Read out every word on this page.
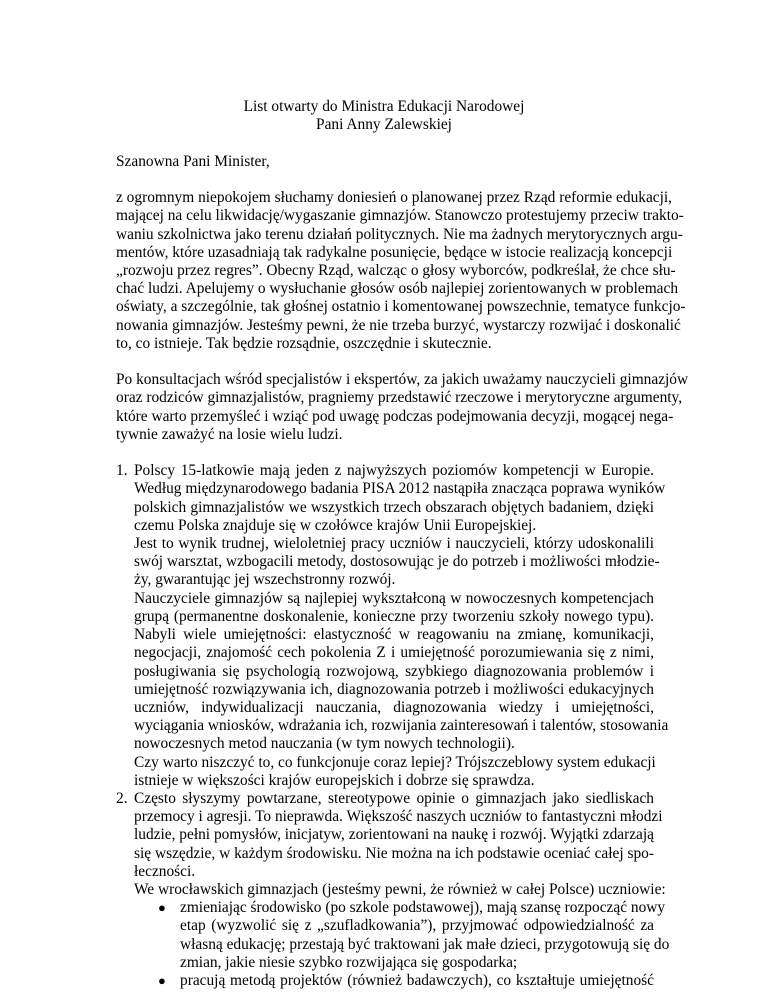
List otwarty do Ministra Edukacji Narodowej
Pani Anny Zalewskiej
Szanowna Pani Minister,
z ogromnym niepokojem słuchamy doniesień o planowanej przez Rząd reformie edukacji,
mającej na celu likwidację/wygaszanie gimnazjów. Stanowczo protestujemy przeciw trakto-
waniu szkolnictwa jako terenu działań politycznych. Nie ma żadnych merytorycznych argu-
mentów, które uzasadniają tak radykalne posunięcie, będące w istocie realizacją koncepcji
„rozwoju przez regres”. Obecny Rząd, walcząc o głosy wyborców, podkreślał, że chce słu-
chać ludzi. Apelujemy o wysłuchanie głosów osób najlepiej zorientowanych w problemach
oświaty, a szczególnie, tak głośnej ostatnio i komentowanej powszechnie, tematyce funkcjo-
nowania gimnazjów. Jesteśmy pewni, że nie trzeba burzyć, wystarczy rozwijać i doskonalić
to, co istnieje. Tak będzie rozsądnie, oszczędnie i skutecznie.
Po konsultacjach wśród specjalistów i ekspertów, za jakich uważamy nauczycieli gimnazjów
oraz rodziców gimnazjalistów, pragniemy przedstawić rzeczowe i merytoryczne argumenty,
które warto przemyśleć i wziąć pod uwagę podczas podejmowania decyzji, mogącej nega-
tywnie zaważyć na losie wielu ludzi.
1. Polscy 15-latkowie mają jeden z najwyższych poziomów kompetencji w Europie.
Według międzynarodowego badania PISA 2012 nastąpiła znacząca poprawa wyników
polskich gimnazjalistów we wszystkich trzech obszarach objętych badaniem, dzięki
czemu Polska znajduje się w czołówce krajów Unii Europejskiej.
Jest to wynik trudnej, wieloletniej pracy uczniów i nauczycieli, którzy udoskonalili
swój warsztat, wzbogacili metody, dostosowując je do potrzeb i możliwości młodzie-
ży, gwarantując jej wszechstronny rozwój.
Nauczyciele gimnazjów są najlepiej wykształconą w nowoczesnych kompetencjach
grupą (permanentne doskonalenie, konieczne przy tworzeniu szkoły nowego typu).
Nabyli wiele umiejętności: elastyczność w reagowaniu na zmianę, komunikacji,
negocjacji, znajomość cech pokolenia Z i umiejętność porozumiewania się z nimi,
posługiwania się psychologią rozwojową, szybkiego diagnozowania problemów i
umiejętność rozwiązywania ich, diagnozowania potrzeb i możliwości edukacyjnych
uczniów, indywidualizacji nauczania, diagnozowania wiedzy i umiejętności,
wyciągania wniosków, wdrażania ich, rozwijania zainteresowań i talentów, stosowania
nowoczesnych metod nauczania (w tym nowych technologii).
Czy warto niszczyć to, co funkcjonuje coraz lepiej? Trójszczeblowy system edukacji
istnieje w większości krajów europejskich i dobrze się sprawdza.
2. Często słyszymy powtarzane, stereotypowe opinie o gimnazjach jako siedliskach
przemocy i agresji. To nieprawda. Większość naszych uczniów to fantastyczni młodzi
ludzie, pełni pomysłów, inicjatyw, zorientowani na naukę i rozwój. Wyjątki zdarzają
się wszędzie, w każdym środowisku. Nie można na ich podstawie oceniać całej spo-
łeczności.
We wrocławskich gimnazjach (jesteśmy pewni, że również w całej Polsce) uczniowie:
● zmieniając środowisko (po szkole podstawowej), mają szansę rozpocząć nowy
etap (wyzwolić się z „szufladkowania”), przyjmować odpowiedzialność za
własną edukację; przestają być traktowani jak małe dzieci, przygotowują się do
zmian, jakie niesie szybko rozwijająca się gospodarka;
● pracują metodą projektów (również badawczych), co kształtuje umiejętność
